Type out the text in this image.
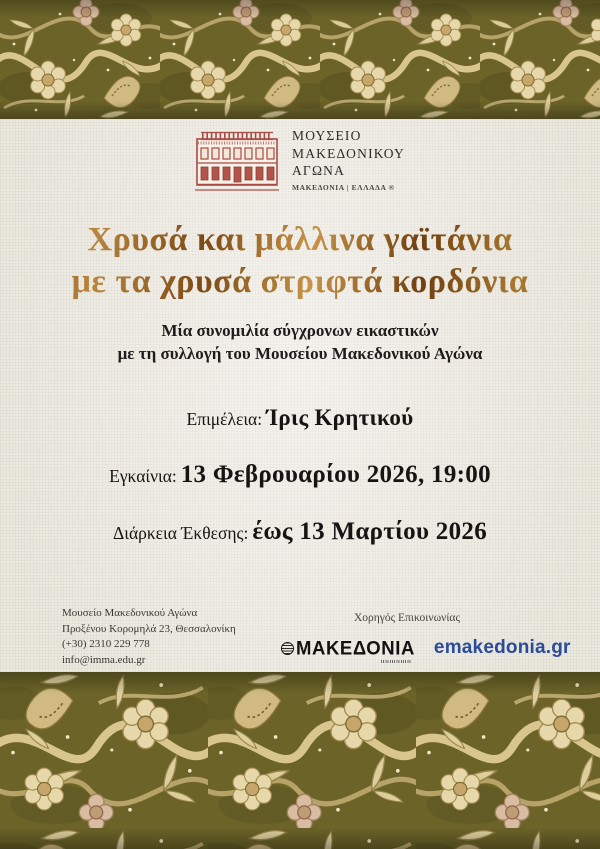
ΜΟΥΣΕΙΟ
ΜΑΚΕΔΟΝΙΚΟΥ
ΑΓΩΝΑ
ΜΑΚΕΔΟΝΙΑ | ΕΛΛΑΔΑ ®
Χρυσά και μάλλινα γαϊτάνια
με τα χρυσά στριφτά κορδόνια

Μία συνομιλία σύγχρονων εικαστικών
με τη συλλογή του Μουσείου Μακεδονικού Αγώνα

Επιμέλεια: Ίρις Κρητικού
Εγκαίνια: 13 Φεβρουαρίου 2026, 19:00
Διάρκεια Έκθεσης: έως 13 Μαρτίου 2026
Μουσείο Μακεδονικού Αγώνα
Προξένου Κορομηλά 23, Θεσσαλονίκη
(+30) 2310 229 778
info@imma.edu.gr
Χορηγός Επικοινωνίας
ΜΑΚΕΔΟΝΙΑ emakedonia.gr
